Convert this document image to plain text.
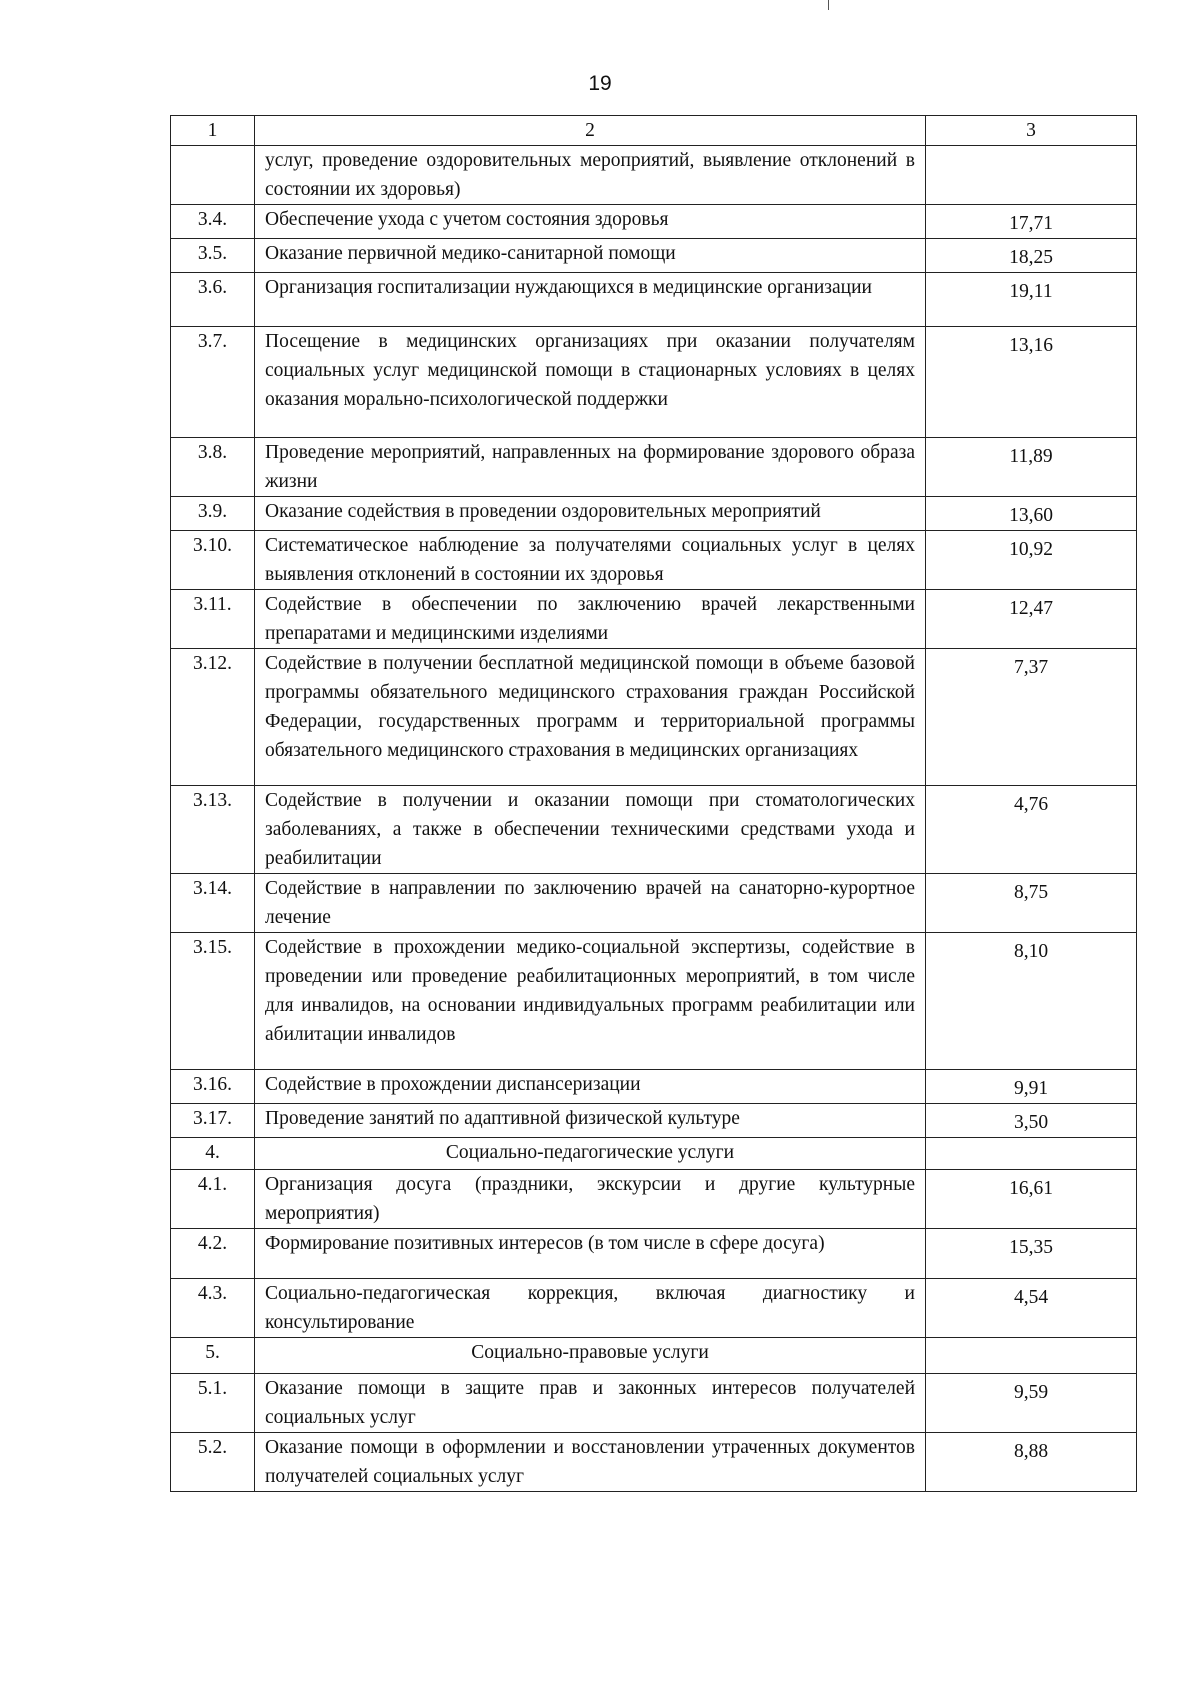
19
1	2	3
	услуг, проведение оздоровительных мероприятий, выявление отклонений в состоянии их здоровья)	
3.4.	Обеспечение ухода с учетом состояния здоровья	17,71
3.5.	Оказание первичной медико-санитарной помощи	18,25
3.6.	Организация госпитализации нуждающихся в медицинские организации	19,11
3.7.	Посещение в медицинских организациях при оказании получателям социальных услуг медицинской помощи в стационарных условиях в целях оказания морально-психологической поддержки	13,16
3.8.	Проведение мероприятий, направленных на формирование здорового образа жизни	11,89
3.9.	Оказание содействия в проведении оздоровительных мероприятий	13,60
3.10.	Систематическое наблюдение за получателями социальных услуг в целях выявления отклонений в состоянии их здоровья	10,92
3.11.	Содействие в обеспечении по заключению врачей лекарственными препаратами и медицинскими изделиями	12,47
3.12.	Содействие в получении бесплатной медицинской помощи в объеме базовой программы обязательного медицинского страхования граждан Российской Федерации, государственных программ и территориальной программы обязательного медицинского страхования в медицинских организациях	7,37
3.13.	Содействие в получении и оказании помощи при стоматологических заболеваниях, а также в обеспечении техническими средствами ухода и реабилитации	4,76
3.14.	Содействие в направлении по заключению врачей на санаторно-курортное лечение	8,75
3.15.	Содействие в прохождении медико-социальной экспертизы, содействие в проведении или проведение реабилитационных мероприятий, в том числе для инвалидов, на основании индивидуальных программ реабилитации или абилитации инвалидов	8,10
3.16.	Содействие в прохождении диспансеризации	9,91
3.17.	Проведение занятий по адаптивной физической культуре	3,50
4.	Социально-педагогические услуги	
4.1.	Организация досуга (праздники, экскурсии и другие культурные мероприятия)	16,61
4.2.	Формирование позитивных интересов (в том числе в сфере досуга)	15,35
4.3.	Социально-педагогическая коррекция, включая диагностику и консультирование	4,54
5.	Социально-правовые услуги	
5.1.	Оказание помощи в защите прав и законных интересов получателей социальных услуг	9,59
5.2.	Оказание помощи в оформлении и восстановлении утраченных документов получателей социальных услуг	8,88
